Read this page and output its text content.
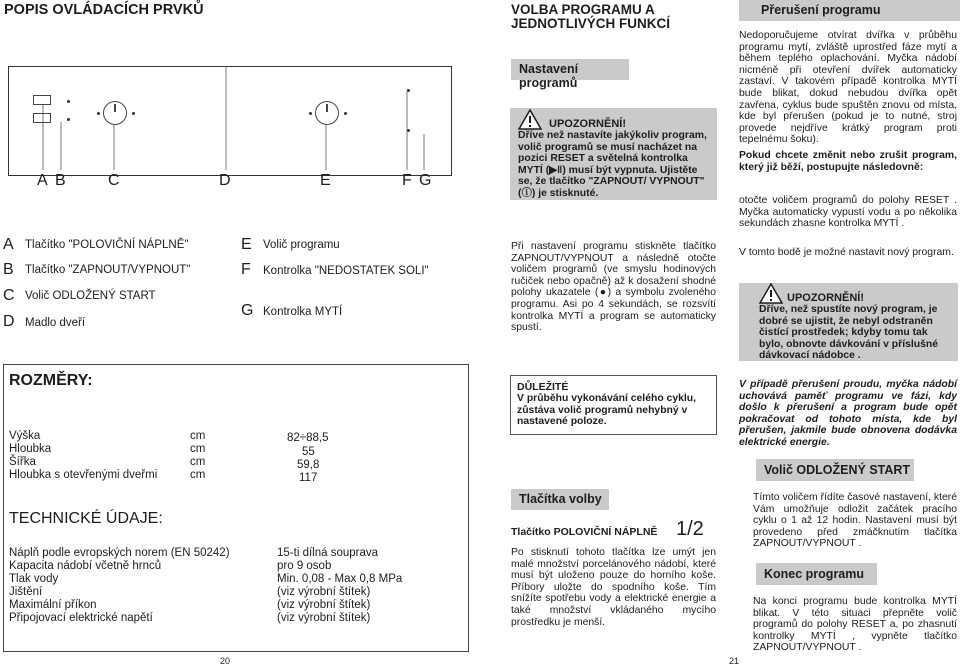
POPIS OVLÁDACÍCH PRVKŮ
A B	C	D	E	F G
A Tlačítko "POLOVIČNÍ NÁPLNĚ"
B Tlačítko "ZAPNOUT/VYPNOUT"
C Volič ODLOŽENÝ START
D Madlo dveří
E Volič programu
F Kontrolka "NEDOSTATEK SOLI"
G Kontrolka MYTÍ
ROZMĚRY:
Výška	cm	82÷88,5
Hloubka	cm	55
Šířka	cm	59,8
Hloubka s otevřenými dveřmi	cm	117
TECHNICKÉ ÚDAJE:
Náplň podle evropských norem (EN 50242)	15-ti dílná souprava
Kapacita nádobí včetně hrnců	pro 9 osob
Tlak vody	Min. 0,08 - Max 0,8 MPa
Jištění	(viz výrobní štítek)
Maximální příkon	(viz výrobní štítek)
Připojovací elektrické napětí	(viz výrobní štítek)
20
VOLBA PROGRAMU A
JEDNOTLIVÝCH FUNKCÍ
Nastavení programů
UPOZORNĚNÍ!
Dříve než nastavíte jakýkoliv program, volič programů se musí nacházet na pozici RESET a světelná kontrolka MYTÍ (▶‖) musí být vypnuta. Ujistěte se, že tlačítko "ZAPNOUT/ VYPNOUT" (ⓘ) je stisknuté.
Při nastavení programu stiskněte tlačítko ZAPNOUT/VYPNOUT a následně otočte voličem programů (ve smyslu hodinových ručiček nebo opačně) až k dosažení shodné polohy ukazatele (●) a symbolu zvoleného programu. Asi po 4 sekundách, se rozsvítí kontrolka MYTÍ a program se automaticky spustí.
DŮLEŽITÉ
V průběhu vykonávání celého cyklu, zůstáva volič programů nehybný v nastavené poloze.
Tlačítka volby
Tlačítko POLOVIČNÍ NÁPLNĚ 1/2
Po stisknutí tohoto tlačítka lze umýt jen malé množství porcelánového nádobí, které musí být uloženo pouze do horního koše. Příbory uložte do spodního koše. Tím snížíte spotřebu vody a elektrické energie a také množství vkládaného mycího prostředku je menší.
Přerušení programu
Nedoporučujeme otvírat dvířka v průběhu programu mytí, zvláště uprostřed fáze mytí a během teplého oplachování. Myčka nádobí nicméně při otevření dvířek automaticky zastaví. V takovém případě kontrolka MYTÍ bude blikat, dokud nebudou dvířka opět zavřena, cyklus bude spuštěn znovu od místa, kde byl přerušen (pokud je to nutné, stroj provede nejdříve krátký program proti tepelnému šoku).
Pokud chcete změnit nebo zrušit program, který již běží, postupujte následovně:
otočte voličem programů do polohy RESET . Myčka automaticky vypustí vodu a po několika sekundách zhasne kontrolka MYTÍ .
V tomto bodě je možné nastavit nový program.
UPOZORNĚNÍ!
Dříve, než spustíte nový program, je dobré se ujistit, že nebyl odstraněn čistící prostředek; kdyby tomu tak bylo, obnovte dávkování v příslušné dávkovací nádobce .
V případě přerušení proudu, myčka nádobí uchovává paměť programu ve fázi, kdy došlo k přerušení a program bude opět pokračovat od tohoto místa, kde byl přerušen, jakmile bude obnovena dodávka elektrické energie.
Volič ODLOŽENÝ START
Tímto voličem řídíte časové nastavení, které Vám umožňuje odložit začátek pracího cyklu o 1 až 12 hodin. Nastavení musí být provedeno před zmáčknutím tlačítka ZAPNOUT/VYPNOUT .
Konec programu
Na konci programu bude kontrolka MYTÍ blikat. V této situaci přepněte volič programů do polohy RESET a, po zhasnutí kontrolky MYTÍ , vypněte tlačítko ZAPNOUT/VYPNOUT .
21
